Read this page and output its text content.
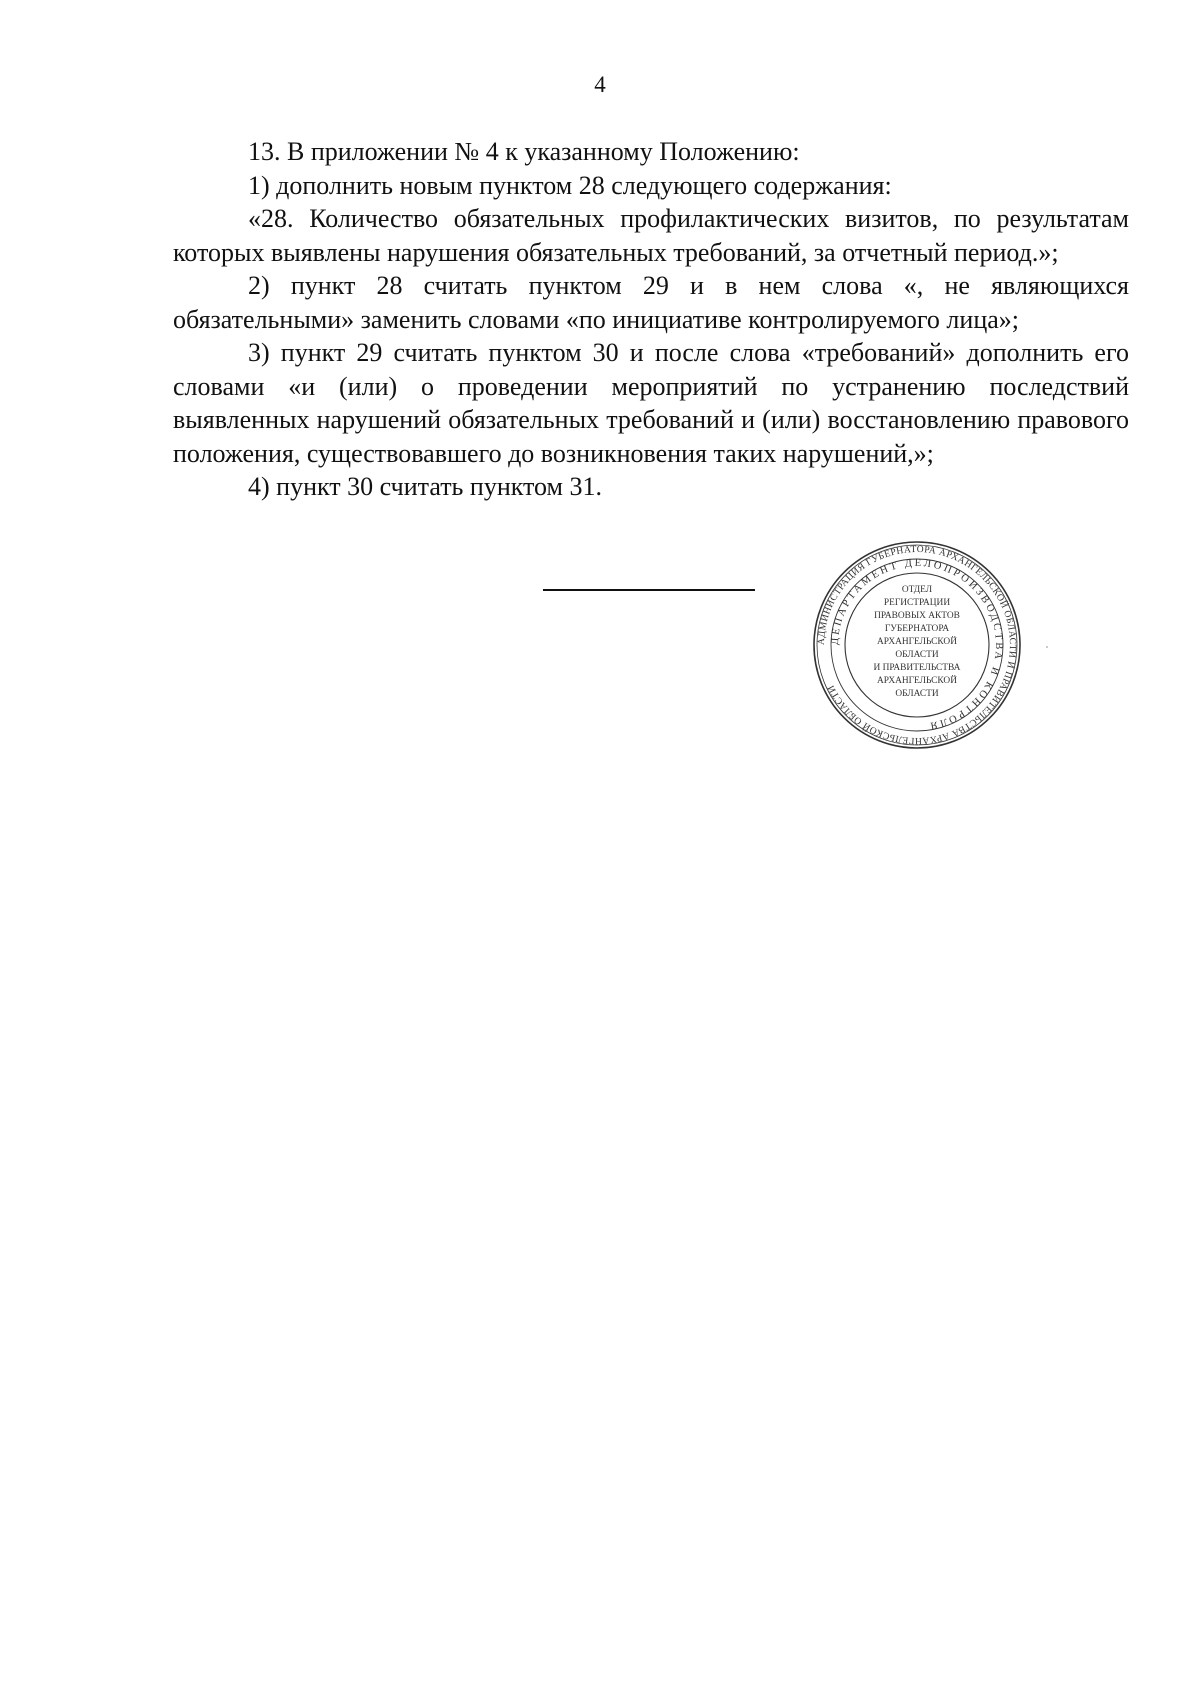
4

13. В приложении № 4 к указанному Положению:

1) дополнить новым пунктом 28 следующего содержания:

«28. Количество обязательных профилактических визитов, по результатам которых выявлены нарушения обязательных требований, за отчетный период.»;

2) пункт 28 считать пунктом 29 и в нем слова «, не являющихся обязательными» заменить словами «по инициативе контролируемого лица»;

3) пункт 29 считать пунктом 30 и после слова «требований» дополнить его словами «и (или) о проведении мероприятий по устранению последствий выявленных нарушений обязательных требований и (или) восстановлению правового положения, существовавшего до возникновения таких нарушений,»;

4) пункт 30 считать пунктом 31.

АДМИНИСТРАЦИЯ ГУБЕРНАТОРА АРХАНГЕЛЬСКОЙ ОБЛАСТИ И ПРАВИТЕЛЬСТВА АРХАНГЕЛЬСКОЙ ОБЛАСТИ
ДЕПАРТАМЕНТ ДЕЛОПРОИЗВОДСТВА И КОНТРОЛЯ
ОТДЕЛ
РЕГИСТРАЦИИ
ПРАВОВЫХ АКТОВ
ГУБЕРНАТОРА
АРХАНГЕЛЬСКОЙ
ОБЛАСТИ
И ПРАВИТЕЛЬСТВА
АРХАНГЕЛЬСКОЙ
ОБЛАСТИ
